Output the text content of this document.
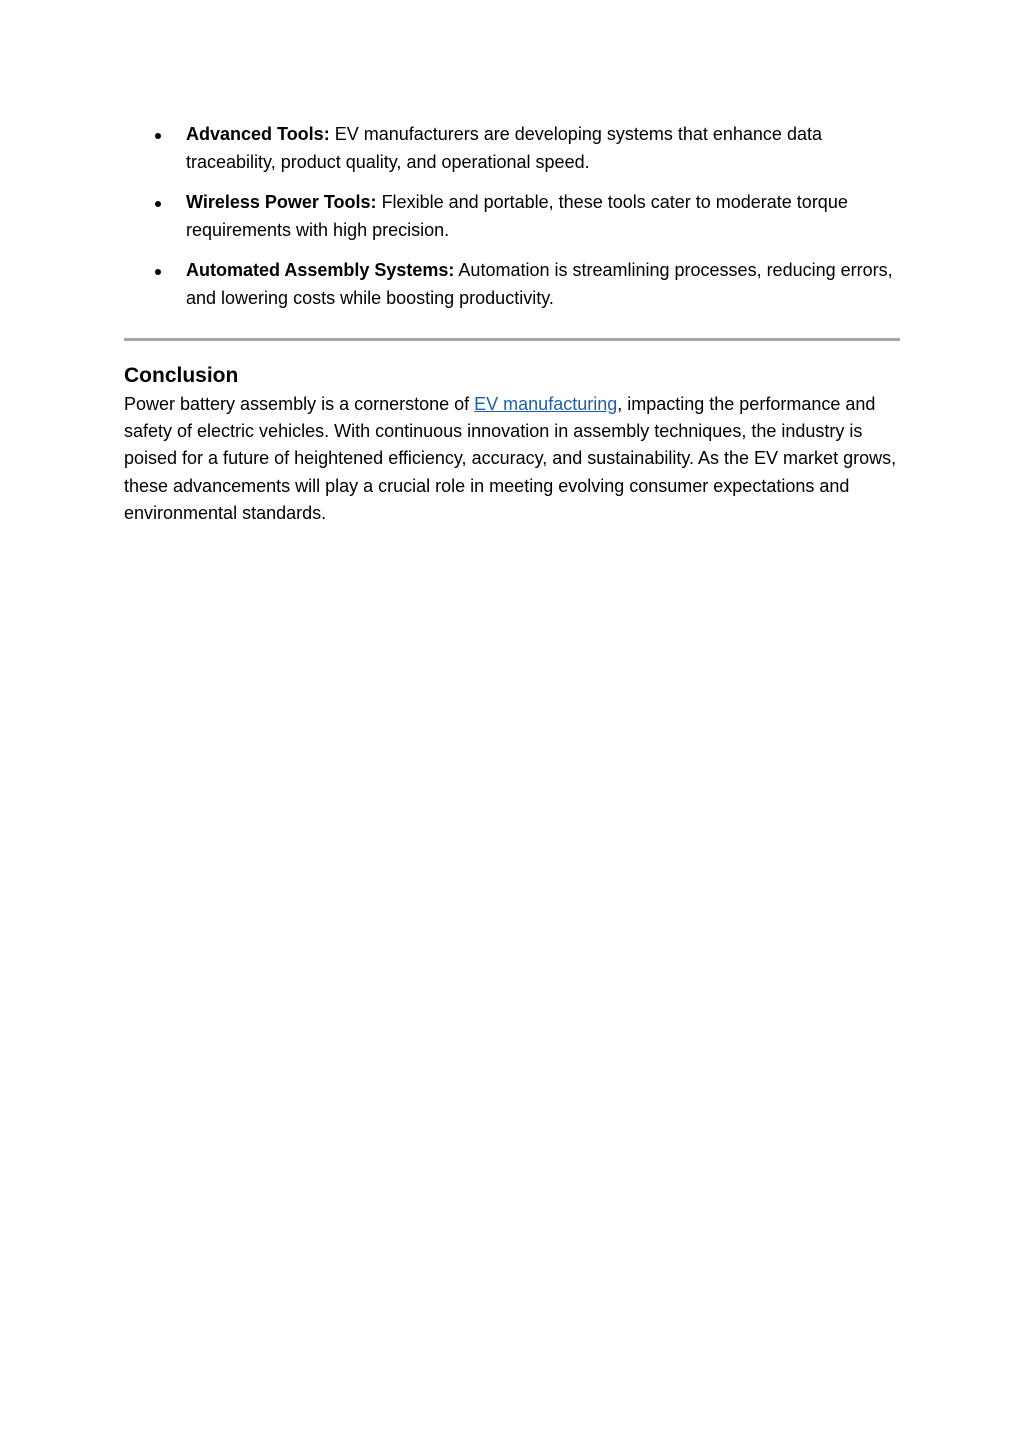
Advanced Tools: EV manufacturers are developing systems that enhance data traceability, product quality, and operational speed.
Wireless Power Tools: Flexible and portable, these tools cater to moderate torque requirements with high precision.
Automated Assembly Systems: Automation is streamlining processes, reducing errors, and lowering costs while boosting productivity.
Conclusion

Power battery assembly is a cornerstone of EV manufacturing, impacting the performance and safety of electric vehicles. With continuous innovation in assembly techniques, the industry is poised for a future of heightened efficiency, accuracy, and sustainability. As the EV market grows, these advancements will play a crucial role in meeting evolving consumer expectations and environmental standards.
